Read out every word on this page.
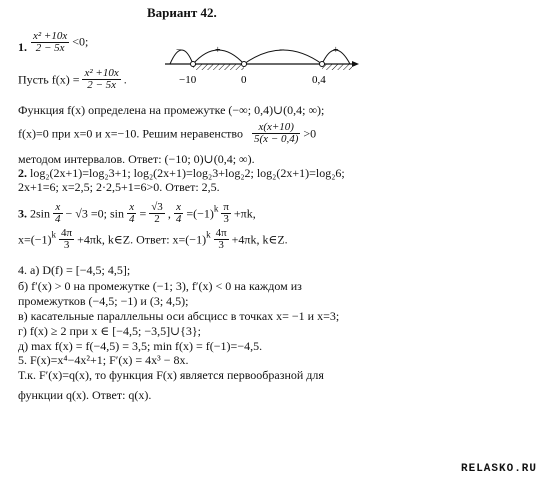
Вариант 42.
1. $\frac{\text{x² +10x}}{2 - 5x} <0$;
Пусть $f(x) = \frac{\text{x² +10x}}{2 - 5x}$ .
−	+	−	+
−10	0	0,4
Функция f(x) определена на промежутке (−∞; 0,4)∪(0,4; ∞);
f(x)=0 при x=0 и x=−10. Решим неравенство $\frac{x(x+10)}{5(x - 0,4)} >0$
методом интервалов. Ответ: (−10; 0)∪(0,4; ∞).
2. log₂(2x+1)=log₂3+1; log₂(2x+1)=log₂3+log₂2; log₂(2x+1)=log₂6;
2x+1=6; x=2,5; 2·2,5+1=6>0. Ответ: 2,5.
3. $2\sin \frac{x}{4} - √3 =0$; $\sin \frac{x}{4} = \frac{√3}{2}$ , $\frac{x}{4} =(-1)^k \frac{\pi}{3} +\pi k$,
$x=(-1)^k \frac{4\pi}{3} +4\pi k$, k∈Z. Ответ: $x=(-1)^k \frac{4\pi}{3} +4\pi k$, k∈Z.
4. а) D(f) = [−4,5; 4,5];
б) f′(x) > 0 на промежутке (−1; 3), f′(x) < 0 на каждом из
промежутков (−4,5; −1) и (3; 4,5);
в) касательные параллельны оси абсцисс в точках x= −1 и x=3;
г) f(x) ≥ 2 при x ∈ [−4,5; −3,5]∪{3};
д) max f(x) = f(−4,5) = 3,5; min f(x) = f(−1)=−4,5.
5. F(x)=x⁴−4x²+1; F′(x) = 4x³ − 8x.
Т.к. F′(x)=q(x), то функция F(x) является первообразной для
функции q(x). Ответ: q(x).
RELASKO.RU
